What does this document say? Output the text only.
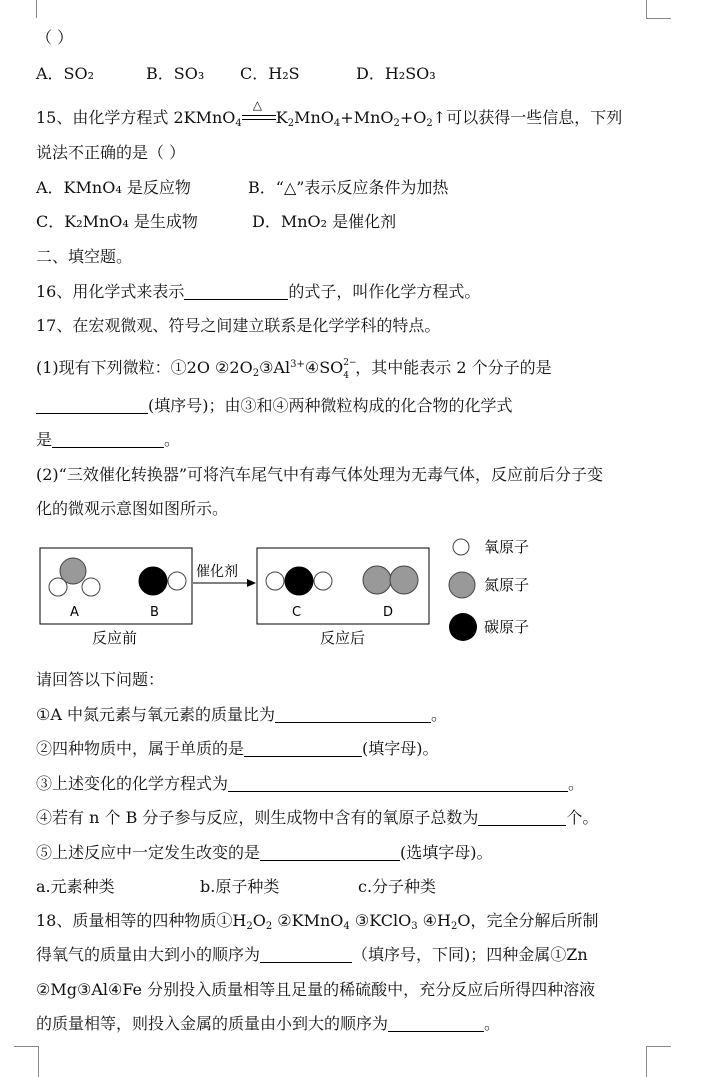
（ ）
A．SO₂	B．SO₃ C．H₂S	D．H₂SO₃
15、由化学方程式 2KMnO$_4$
△
$K_2MnO_4+MnO_2+O_2↑$可以获得一些信息，下列
说法不正确的是（ ）
A．KMnO₄ 是反应物	B．“△”表示反应条件为加热
C．K₂MnO₄ 是生成物	D．MnO₂ 是催化剂
二、填空题。
16、用化学式来表示	的式子，叫作化学方程式。
17、在宏观微观、符号之间建立联系是化学学科的特点。
(1)现有下列微粒：①2O $②2O_2③Al^{3+}④SO$ 2−
4 ，其中能表示 2 个分子的是
(填序号)；由③和④两种微粒构成的化合物的化学式
是	。
(2)“三效催化转换器”可将汽车尾气中有毒气体处理为无毒气体，反应前后分子变
化的微观示意图如图所示。
A	B
反应前
催化剂
C	D
反应后
氧原子
氮原子
碳原子
请回答以下问题：
①A 中氮元素与氧元素的质量比为	。
②四种物质中，属于单质的是	(填字母)。
③上述变化的化学方程式为	。
④若有 n 个 B 分子参与反应，则生成物中含有的氧原子总数为	个。
⑤上述反应中一定发生改变的是	(选填字母)。
a.元素种类	b.原子种类	c.分子种类
18、质量相等的四种物质$①H_2O_2$ ②KMnO$_4$ ③KClO$_3$ $④H_2O$，完全分解后所制
得氧气的质量由大到小的顺序为	（填序号，下同)；四种金属①Zn
②Mg③Al④Fe 分别投入质量相等且足量的稀硫酸中，充分反应后所得四种溶液
的质量相等，则投入金属的质量由小到大的顺序为	。
